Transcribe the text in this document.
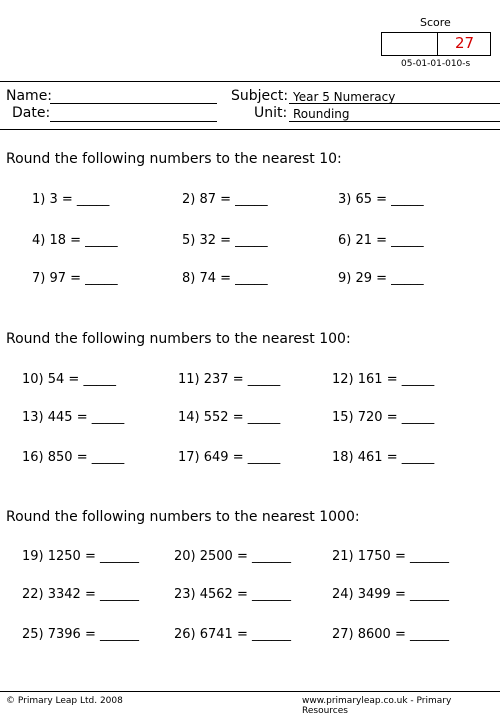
Score
27
05-01-01-010-s
Name:
Date:
Subject: Year 5 Numeracy
Unit: Rounding
Round the following numbers to the nearest 10:
1) 3 = _____	2) 87 = _____	3) 65 = _____
4) 18 = _____	5) 32 = _____	6) 21 = _____
7) 97 = _____	8) 74 = _____	9) 29 = _____
Round the following numbers to the nearest 100:
10) 54 = _____	11) 237 = _____	12) 161 = _____
13) 445 = _____	14) 552 = _____	15) 720 = _____
16) 850 = _____	17) 649 = _____	18) 461 = _____
Round the following numbers to the nearest 1000:
19) 1250 = ______	20) 2500 = ______	21) 1750 = ______
22) 3342 = ______	23) 4562 = ______	24) 3499 = ______
25) 7396 = ______	26) 6741 = ______	27) 8600 = ______
© Primary Leap Ltd. 2008	www.primaryleap.co.uk - Primary Resources
